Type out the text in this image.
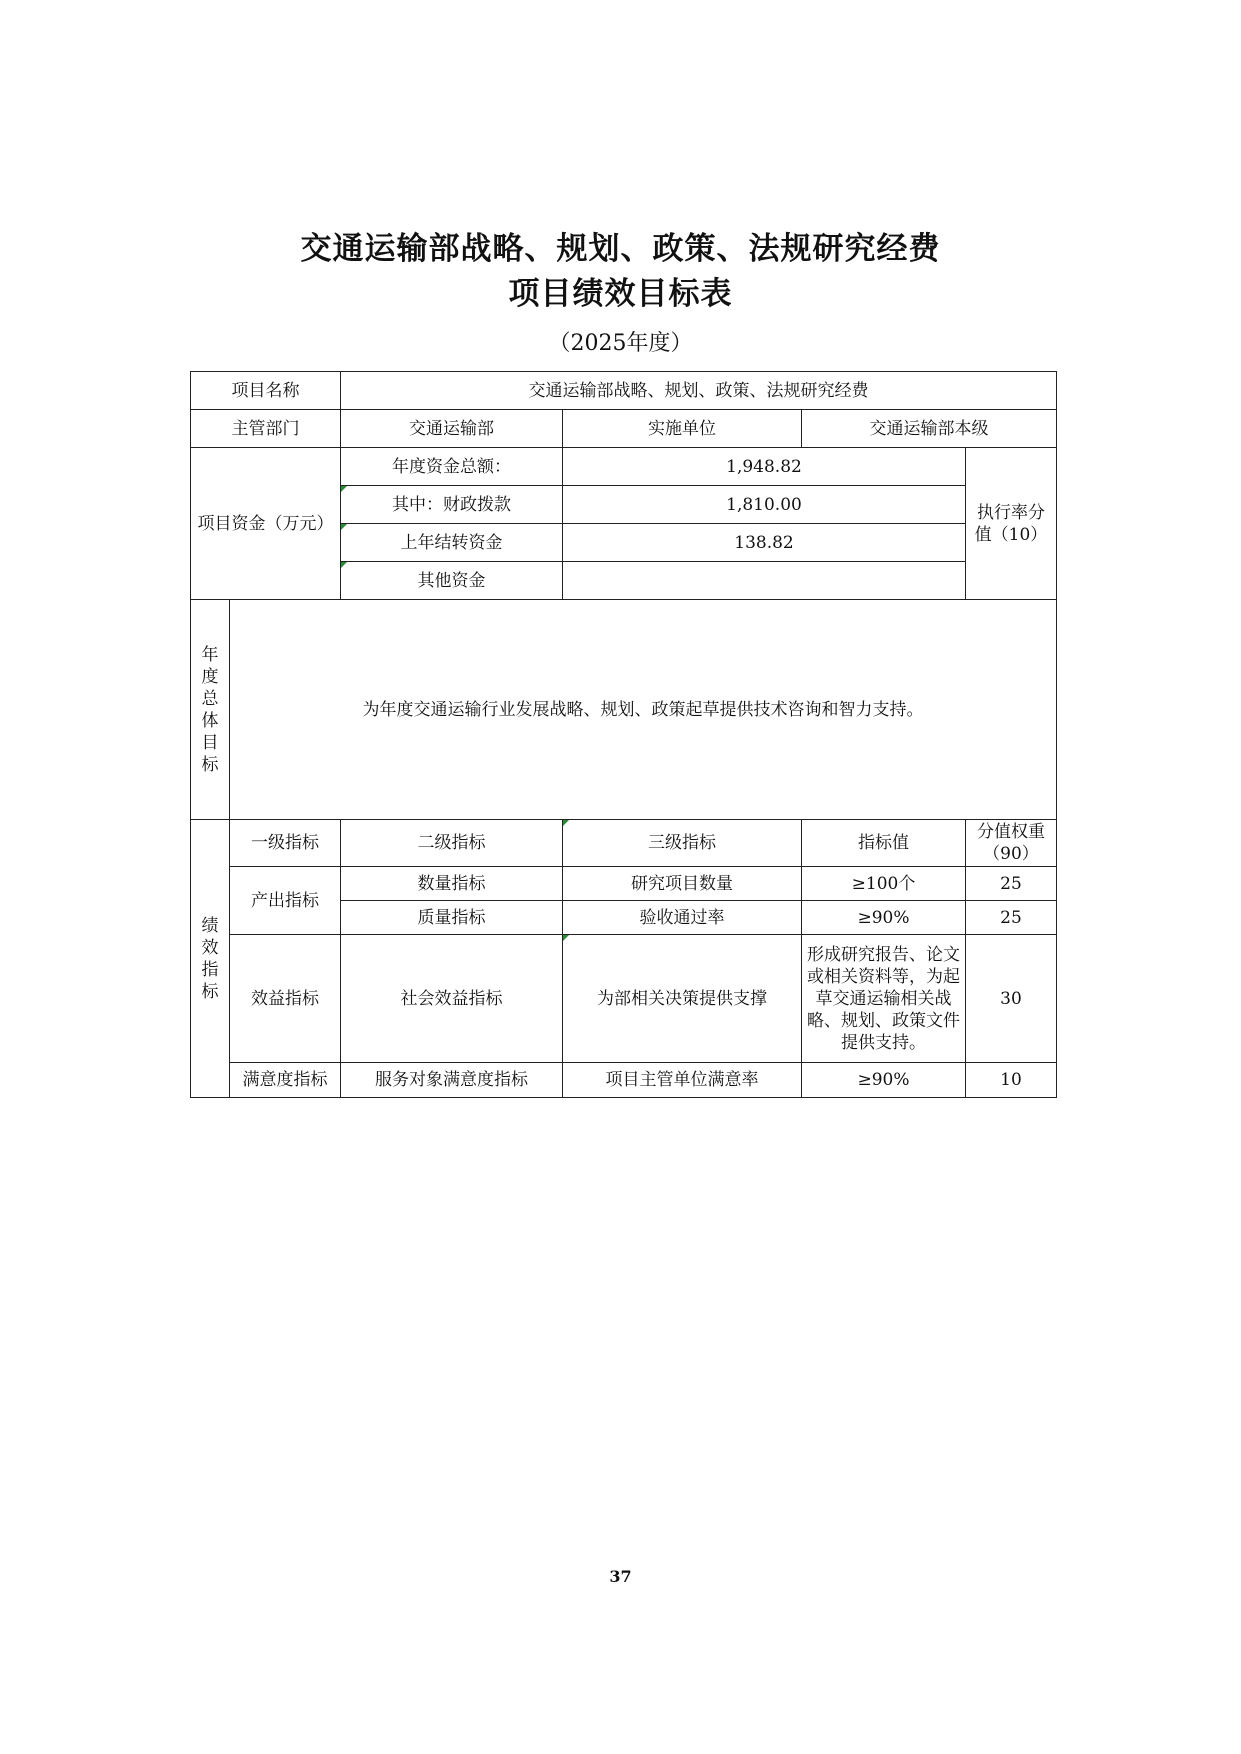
交通运输部战略、规划、政策、法规研究经费
项目绩效目标表
（2025年度）
项目名称		交通运输部战略、规划、政策、法规研究经费			
主管部门		交通运输部	实施单位	交通运输部本级	
项目资金（万元）		年度资金总额：	1,948.82		执行率分值（10）
		其中：财政拨款	1,810.00		
		上年结转资金	138.82		
		其他资金			
年度总体目标	为年度交通运输行业发展战略、规划、政策起草提供技术咨询和智力支持。				
绩效指标	一级指标	二级指标	三级指标	指标值	分值权重（90）
	产出指标	数量指标	研究项目数量	≥100个	25
		质量指标	验收通过率	≥90%	25
	效益指标	社会效益指标	为部相关决策提供支撑	形成研究报告、论文或相关资料等，为起草交通运输相关战略、规划、政策文件提供支持。	30
	满意度指标	服务对象满意度指标	项目主管单位满意率	≥90%	10
37
